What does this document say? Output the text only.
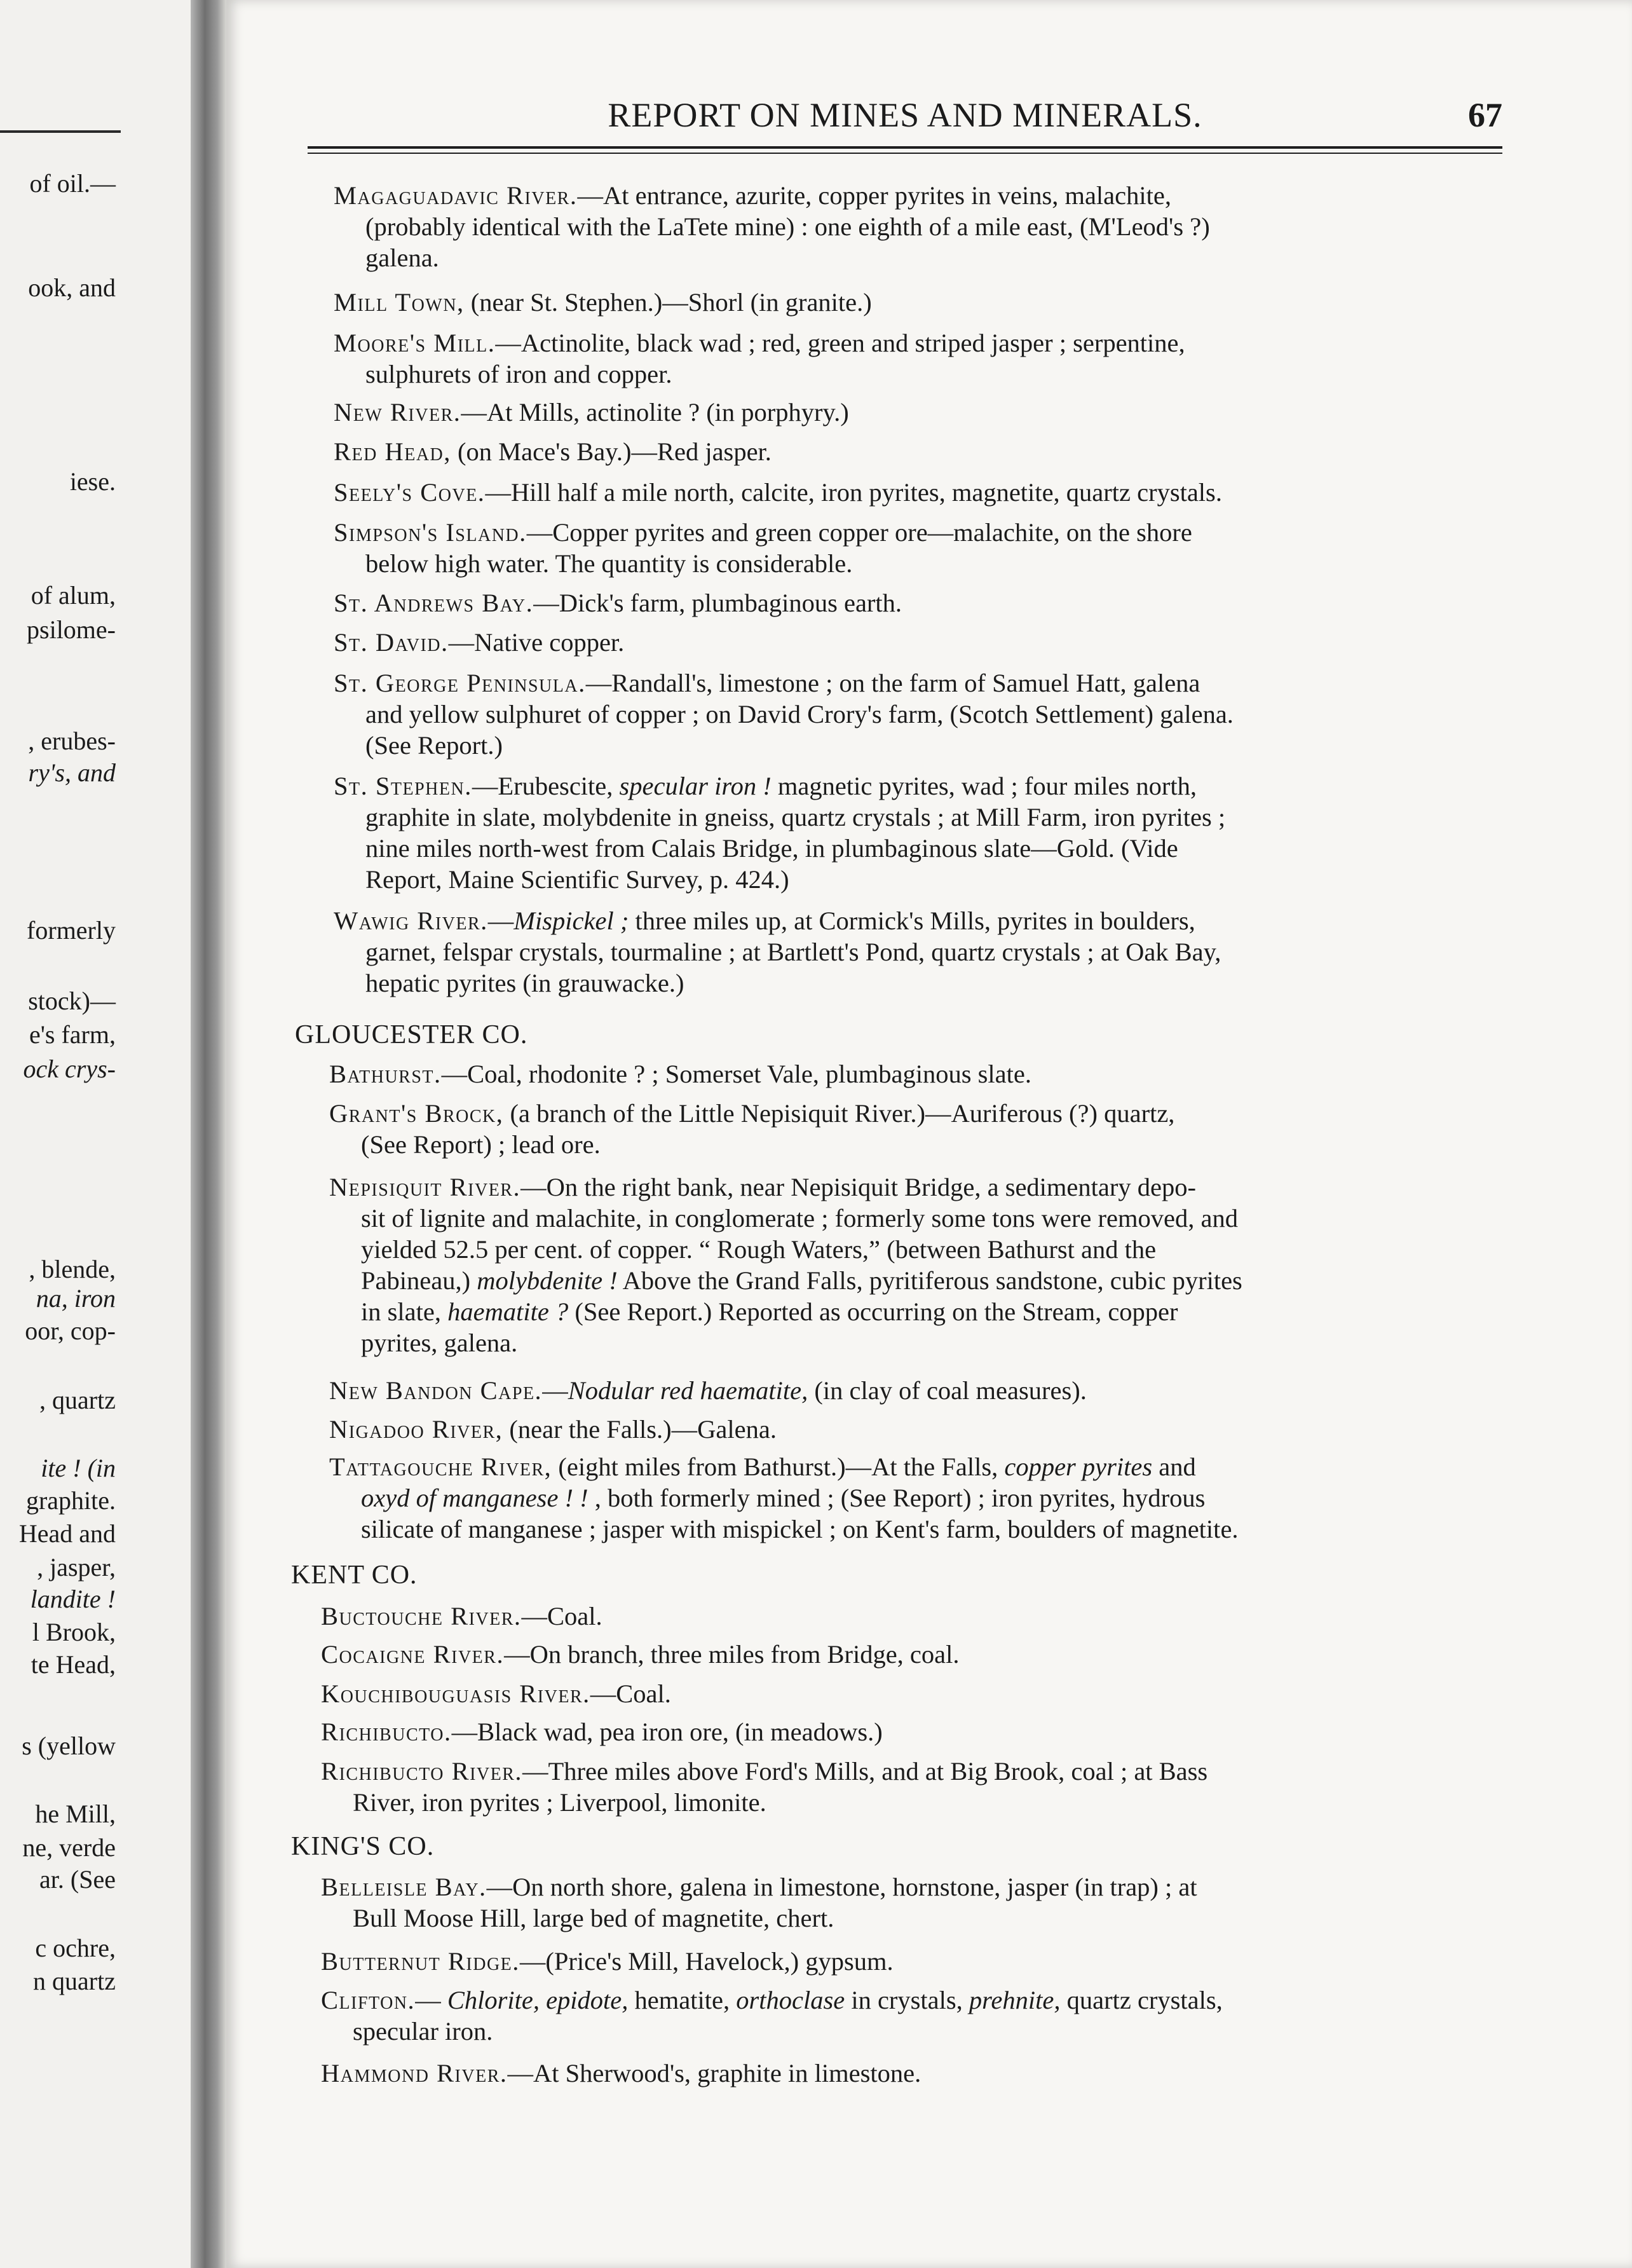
of oil.—
ook, and
iese.
of alum,
psilome-
, erubes-
ry's, and
formerly
stock)—
e's farm,
ock crys-
, blende,
na, iron
oor, cop-
, quartz
ite ! (in
graphite.
Head and
, jasper,
landite !
l Brook,
te Head,
s (yellow
he Mill,
ne, verde
ar. (See
c ochre,
n quartz
REPORT ON MINES AND MINERALS.	67
GLOUCESTER CO.
KENT CO.
KING'S CO.
Magaguadavic River.—At entrance, azurite, copper pyrites in veins, malachite,
(probably identical with the LaTete mine) : one eighth of a mile east, (M'Leod's ?)
galena.
Mill Town, (near St. Stephen.)—Shorl (in granite.)
Moore's Mill.—Actinolite, black wad ; red, green and striped jasper ; serpentine,
sulphurets of iron and copper.
New River.—At Mills, actinolite ? (in porphyry.)
Red Head, (on Mace's Bay.)—Red jasper.
Seely's Cove.—Hill half a mile north, calcite, iron pyrites, magnetite, quartz crystals.
Simpson's Island.—Copper pyrites and green copper ore—malachite, on the shore
below high water. The quantity is considerable.
St. Andrews Bay.—Dick's farm, plumbaginous earth.
St. David.—Native copper.
St. George Peninsula.—Randall's, limestone ; on the farm of Samuel Hatt, galena
and yellow sulphuret of copper ; on David Crory's farm, (Scotch Settlement) galena.
(See Report.)
St. Stephen.—Erubescite, specular iron ! magnetic pyrites, wad ; four miles north,
graphite in slate, molybdenite in gneiss, quartz crystals ; at Mill Farm, iron pyrites ;
nine miles north-west from Calais Bridge, in plumbaginous slate—Gold. (Vide
Report, Maine Scientific Survey, p. 424.)
Wawig River.—Mispickel ; three miles up, at Cormick's Mills, pyrites in boulders,
garnet, felspar crystals, tourmaline ; at Bartlett's Pond, quartz crystals ; at Oak Bay,
hepatic pyrites (in grauwacke.)
Bathurst.—Coal, rhodonite ? ; Somerset Vale, plumbaginous slate.
Grant's Brock, (a branch of the Little Nepisiquit River.)—Auriferous (?) quartz,
(See Report) ; lead ore.
Nepisiquit River.—On the right bank, near Nepisiquit Bridge, a sedimentary depo-
sit of lignite and malachite, in conglomerate ; formerly some tons were removed, and
yielded 52.5 per cent. of copper. “ Rough Waters,” (between Bathurst and the
Pabineau,) molybdenite ! Above the Grand Falls, pyritiferous sandstone, cubic pyrites
in slate, haematite ? (See Report.) Reported as occurring on the Stream, copper
pyrites, galena.
New Bandon Cape.—Nodular red haematite, (in clay of coal measures).
Nigadoo River, (near the Falls.)—Galena.
Tattagouche River, (eight miles from Bathurst.)—At the Falls, copper pyrites and
oxyd of manganese ! ! , both formerly mined ; (See Report) ; iron pyrites, hydrous
silicate of manganese ; jasper with mispickel ; on Kent's farm, boulders of magnetite.
Buctouche River.—Coal.
Cocaigne River.—On branch, three miles from Bridge, coal.
Kouchibouguasis River.—Coal.
Richibucto.—Black wad, pea iron ore, (in meadows.)
Richibucto River.—Three miles above Ford's Mills, and at Big Brook, coal ; at Bass
River, iron pyrites ; Liverpool, limonite.
Belleisle Bay.—On north shore, galena in limestone, hornstone, jasper (in trap) ; at
Bull Moose Hill, large bed of magnetite, chert.
Butternut Ridge.—(Price's Mill, Havelock,) gypsum.
Clifton.— Chlorite, epidote, hematite, orthoclase in crystals, prehnite, quartz crystals,
specular iron.
Hammond River.—At Sherwood's, graphite in limestone.
